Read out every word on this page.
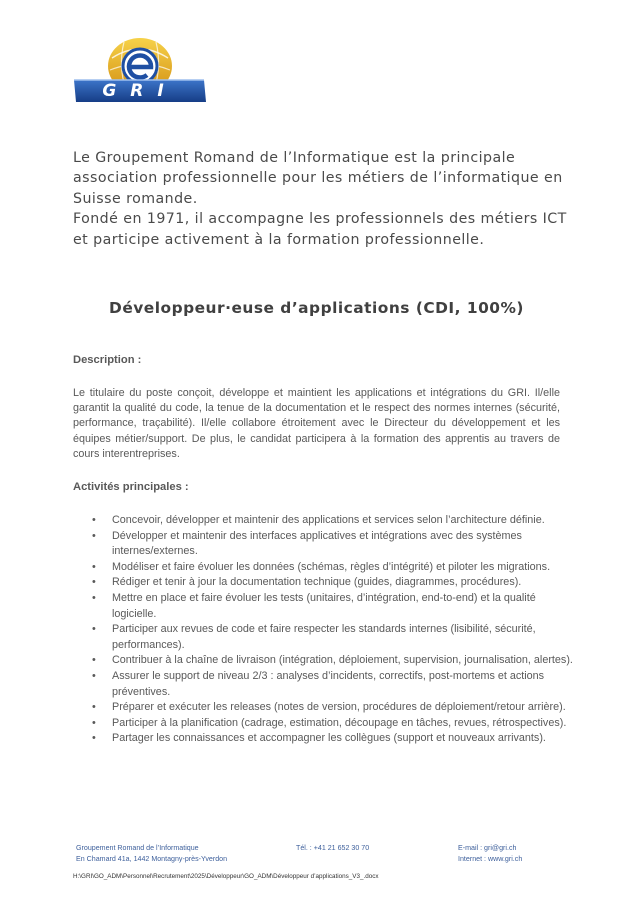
GRI

Le Groupement Romand de l’Informatique est la principale association professionnelle pour les métiers de l’informatique en Suisse romande.

Fondé en 1971, il accompagne les professionnels des métiers ICT et participe activement à la formation professionnelle.

Développeur·euse d’applications (CDI, 100%)
Description :
Le titulaire du poste conçoit, développe et maintient les applications et intégrations du GRI. Il/elle garantit la qualité du code, la tenue de la documentation et le respect des normes internes (sécurité, performance, traçabilité). Il/elle collabore étroitement avec le Directeur du développement et les équipes métier/support. De plus, le candidat participera à la formation des apprentis au travers de cours interentreprises.
Activités principales :
• Concevoir, développer et maintenir des applications et services selon l’architecture définie.
• Développer et maintenir des interfaces applicatives et intégrations avec des systèmes internes/externes.
• Modéliser et faire évoluer les données (schémas, règles d’intégrité) et piloter les migrations.
• Rédiger et tenir à jour la documentation technique (guides, diagrammes, procédures).
• Mettre en place et faire évoluer les tests (unitaires, d’intégration, end-to-end) et la qualité logicielle.
• Participer aux revues de code et faire respecter les standards internes (lisibilité, sécurité, performances).
• Contribuer à la chaîne de livraison (intégration, déploiement, supervision, journalisation, alertes).
• Assurer le support de niveau 2/3 : analyses d’incidents, correctifs, post-mortems et actions préventives.
• Préparer et exécuter les releases (notes de version, procédures de déploiement/retour arrière).
• Participer à la planification (cadrage, estimation, découpage en tâches, revues, rétrospectives).
• Partager les connaissances et accompagner les collègues (support et nouveaux arrivants).
Groupement Romand de l’Informatique
En Chamard 41a, 1442 Montagny-près-Yverdon
Tél. : +41 21 652 30 70	E-mail : gri@gri.ch
Internet : www.gri.ch
H:\GRI\GO_ADM\Personnel\Recrutement\2025\Développeur\GO_ADM\Développeur d’applications_V3_.docx
